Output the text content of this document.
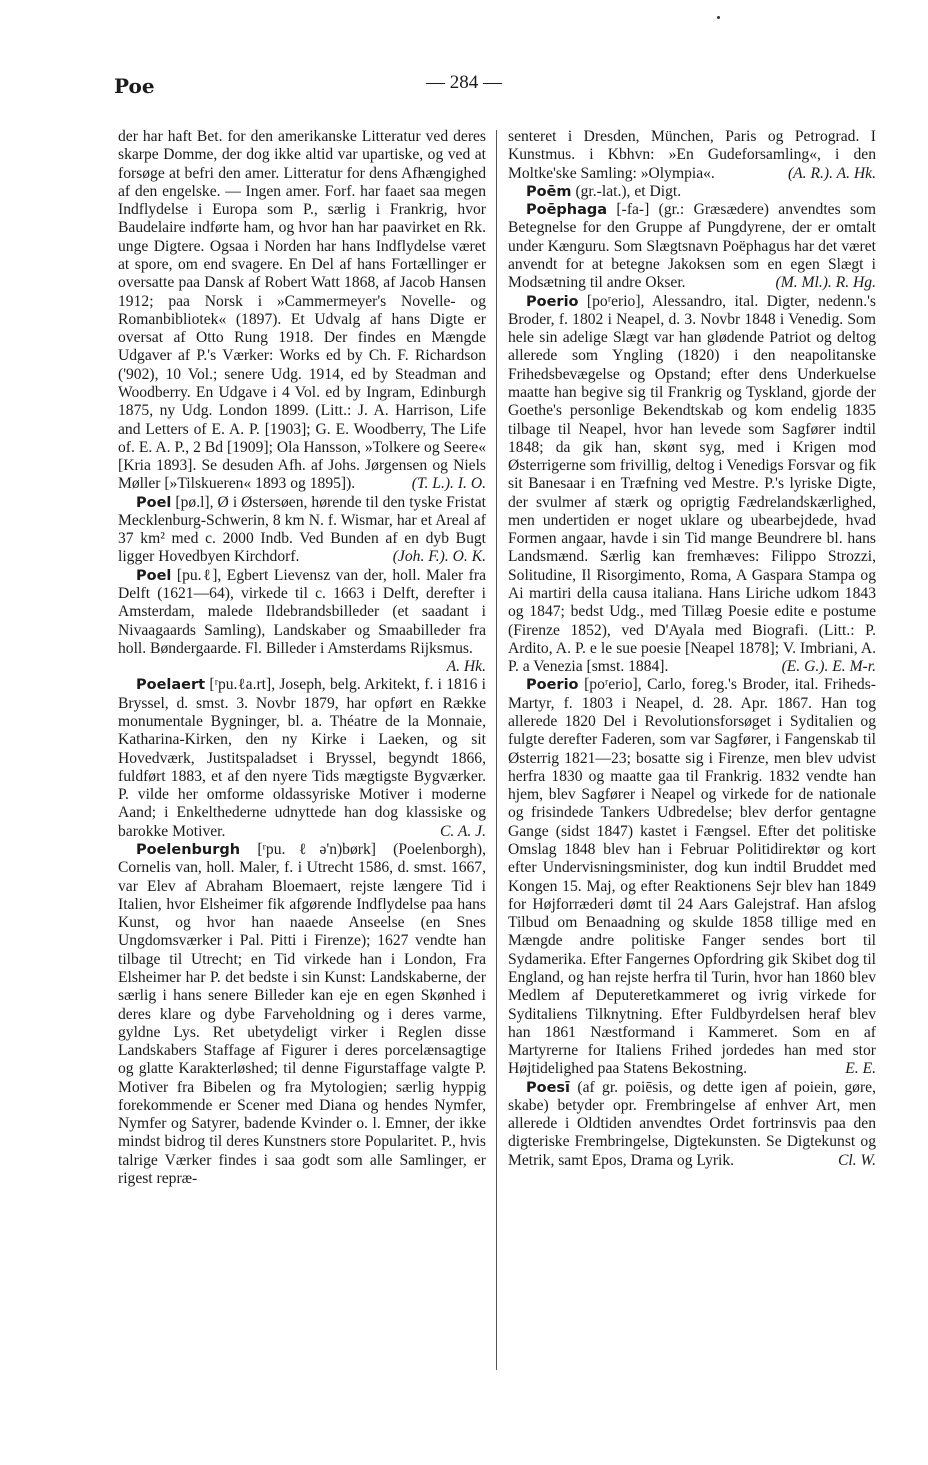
Poe	— 284 —
der har haft Bet. for den amerikanske Litteratur ved deres skarpe Domme, der dog ikke altid var upartiske, og ved at forsøge at befri den amer. Litteratur for dens Afhængighed af den engelske. — Ingen amer. Forf. har faaet saa megen Indflydelse i Europa som P., særlig i Frankrig, hvor Baudelaire indførte ham, og hvor han har paavirket en Rk. unge Digtere. Ogsaa i Norden har hans Indflydelse været at spore, om end svagere. En Del af hans Fortællinger er oversatte paa Dansk af Robert Watt 1868, af Jacob Hansen 1912; paa Norsk i »Cammermeyer's Novelle- og Romanbibliotek« (1897). Et Udvalg af hans Digte er oversat af Otto Rung 1918. Der findes en Mængde Udgaver af P.'s Værker: Works ed by Ch. F. Richardson ('902), 10 Vol.; senere Udg. 1914, ed by Steadman and Woodberry. En Udgave i 4 Vol. ed by Ingram, Edinburgh 1875, ny Udg. London 1899. (Litt.: J. A. Harrison, Life and Letters of E. A. P. [1903]; G. E. Woodberry, The Life of. E. A. P., 2 Bd [1909]; Ola Hansson, »Tolkere og Seere« [Kria 1893]. Se desuden Afh. af Johs. Jørgensen og Niels Møller [»Tilskueren« 1893 og 1895]).	(T. L.). I. O.
Poel [pø.l], Ø i Østersøen, hørende til den tyske Fristat Mecklenburg-Schwerin, 8 km N. f. Wismar, har et Areal af 37 km² med c. 2000 Indb. Ved Bunden af en dyb Bugt ligger Hovedbyen Kirchdorf.	(Joh. F.). O. K.
Poel [pu.ℓ], Egbert Lievensz van der, holl. Maler fra Delft (1621—64), virkede til c. 1663 i Delft, derefter i Amsterdam, malede Ildebrandsbilleder (et saadant i Nivaagaards Samling), Landskaber og Smaabilleder fra holl. Bøndergaarde. Fl. Billeder i Amsterdams Rijksmus.
A. Hk.
Poelaert [ʳpu.ℓa.rt], Joseph, belg. Arkitekt, f. i 1816 i Bryssel, d. smst. 3. Novbr 1879, har opført en Række monumentale Bygninger, bl. a. Théatre de la Monnaie, Katharina-Kirken, den ny Kirke i Laeken, og sit Hovedværk, Justitspaladset i Bryssel, begyndt 1866, fuldført 1883, et af den nyere Tids mægtigste Bygværker. P. vilde her omforme oldassyriske Motiver i moderne Aand; i Enkelthederne udnyttede han dog klassiske og barokke Motiver.	C. A. J.
Poelenburgh [ʳpu.ℓə'n)børk] (Poelenborgh), Cornelis van, holl. Maler, f. i Utrecht 1586, d. smst. 1667, var Elev af Abraham Bloemaert, rejste længere Tid i Italien, hvor Elsheimer fik afgørende Indflydelse paa hans Kunst, og hvor han naaede Anseelse (en Snes Ungdomsværker i Pal. Pitti i Firenze); 1627 vendte han tilbage til Utrecht; en Tid virkede han i London, Fra Elsheimer har P. det bedste i sin Kunst: Landskaberne, der særlig i hans senere Billeder kan eje en egen Skønhed i deres klare og dybe Farveholdning og i deres varme, gyldne Lys. Ret ubetydeligt virker i Reglen disse Landskabers Staffage af Figurer i deres porcelænsagtige og glatte Karakterløshed; til denne Figurstaffage valgte P. Motiver fra Bibelen og fra Mytologien; særlig hyppig forekommende er Scener med Diana og hendes Nymfer, Nymfer og Satyrer, badende Kvinder o. l. Emner, der ikke mindst bidrog til deres Kunstners store Popularitet. P., hvis talrige Værker findes i saa godt som alle Samlinger, er rigest repræ-
senteret i Dresden, München, Paris og Petrograd. I Kunstmus. i Kbhvn: »En Gudeforsamling«, i den Moltke'ske Samling: »Olympia«.	(A. R.). A. Hk.
Poēm (gr.-lat.), et Digt.
Poēphaga [-fa-] (gr.: Græsædere) anvendtes som Betegnelse for den Gruppe af Pungdyrene, der er omtalt under Kænguru. Som Slægtsnavn Poëphagus har det været anvendt for at betegne Jakoksen som en egen Slægt i Modsætning til andre Okser.	(M. Ml.). R. Hg.
Poerio [poʳerio], Alessandro, ital. Digter, nedenn.'s Broder, f. 1802 i Neapel, d. 3. Novbr 1848 i Venedig. Som hele sin adelige Slægt var han glødende Patriot og deltog allerede som Yngling (1820) i den neapolitanske Frihedsbevægelse og Opstand; efter dens Underkuelse maatte han begive sig til Frankrig og Tyskland, gjorde der Goethe's personlige Bekendtskab og kom endelig 1835 tilbage til Neapel, hvor han levede som Sagfører indtil 1848; da gik han, skønt syg, med i Krigen mod Østerrigerne som frivillig, deltog i Venedigs Forsvar og fik sit Banesaar i en Træfning ved Mestre. P.'s lyriske Digte, der svulmer af stærk og oprigtig Fædrelandskærlighed, men undertiden er noget uklare og ubearbejdede, hvad Formen angaar, havde i sin Tid mange Beundrere bl. hans Landsmænd. Særlig kan fremhæves: Filippo Strozzi, Solitudine, Il Risorgimento, Roma, A Gaspara Stampa og Ai martiri della causa italiana. Hans Liriche udkom 1843 og 1847; bedst Udg., med Tillæg Poesie edite e postume (Firenze 1852), ved D'Ayala med Biografi. (Litt.: P. Ardito, A. P. e le sue poesie [Neapel 1878]; V. Imbriani, A. P. a Venezia [smst. 1884].	(E. G.). E. M-r.
Poerio [poʳerio], Carlo, foreg.'s Broder, ital. Friheds-Martyr, f. 1803 i Neapel, d. 28. Apr. 1867. Han tog allerede 1820 Del i Revolutionsforsøget i Syditalien og fulgte derefter Faderen, som var Sagfører, i Fangenskab til Østerrig 1821—23; bosatte sig i Firenze, men blev udvist herfra 1830 og maatte gaa til Frankrig. 1832 vendte han hjem, blev Sagfører i Neapel og virkede for de nationale og frisindede Tankers Udbredelse; blev derfor gentagne Gange (sidst 1847) kastet i Fængsel. Efter det politiske Omslag 1848 blev han i Februar Politidirektør og kort efter Undervisningsminister, dog kun indtil Bruddet med Kongen 15. Maj, og efter Reaktionens Sejr blev han 1849 for Højforræderi dømt til 24 Aars Galejstraf. Han afslog Tilbud om Benaadning og skulde 1858 tillige med en Mængde andre politiske Fanger sendes bort til Sydamerika. Efter Fangernes Opfordring gik Skibet dog til England, og han rejste herfra til Turin, hvor han 1860 blev Medlem af Deputeretkammeret og ivrig virkede for Syditaliens Tilknytning. Efter Fuldbyrdelsen heraf blev han 1861 Næstformand i Kammeret. Som en af Martyrerne for Italiens Frihed jordedes han med stor Højtidelighed paa Statens Bekostning.	E. E.
Poesī (af gr. poiēsis, og dette igen af poiein, gøre, skabe) betyder opr. Frembringelse af enhver Art, men allerede i Oldtiden anvendtes Ordet fortrinsvis paa den digteriske Frembringelse, Digtekunsten. Se Digtekunst og Metrik, samt Epos, Drama og Lyrik.	Cl. W.
